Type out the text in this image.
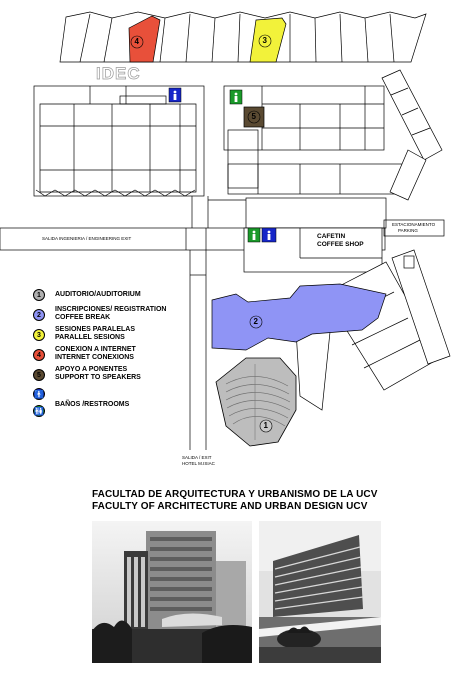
4	3
5
2
1
IDEC
SALIDA INGENIERIA / ENGINEERING EXIT	CAFETIN
COFFEE SHOP
ESTACIONAMIENTO
PARKING
SALIDA / EXIT
HOTEL M.ISIAC
1	AUDITORIO/AUDITORIUM
2
INSCRIPCIONES/ REGISTRATION
COFFEE BREAK
3
SESIONES PARALELAS
PARALLEL SESIONS
4
CONEXION A INTERNET
INTERNET CONEXIONS
5
APOYO A PONENTES
SUPPORT TO SPEAKERS
🚹
🚻
BAÑOS /RESTROOMS
FACULTAD DE ARQUITECTURA Y URBANISMO DE LA UCV
FACULTY OF ARCHITECTURE AND URBAN DESIGN UCV
